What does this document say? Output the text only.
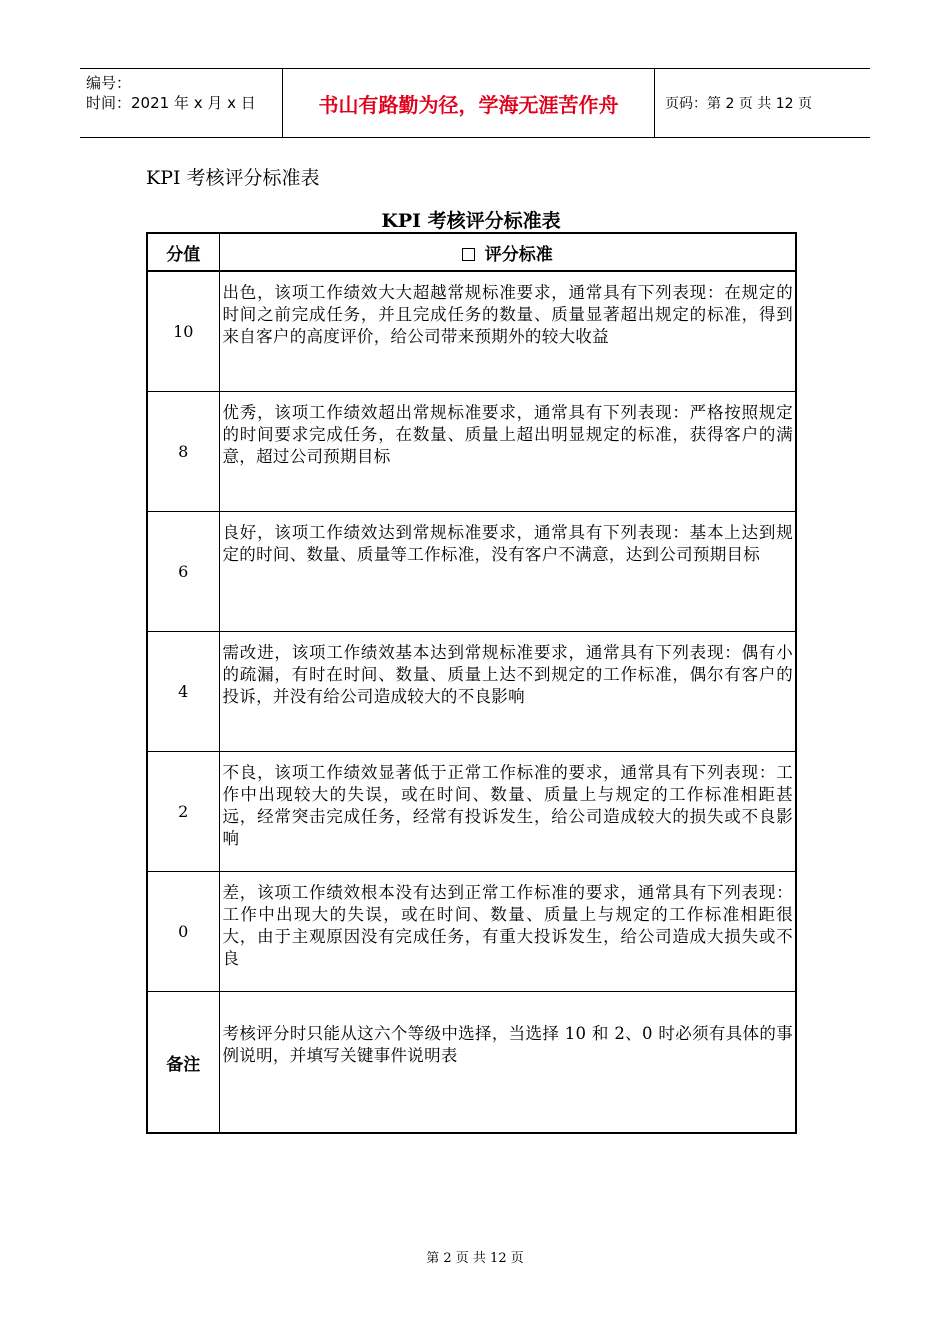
编号：
时间：2021 年 x 月 x 日	书山有路勤为径，学海无涯苦作舟	页码：第 2 页 共 12 页
KPI 考核评分标准表
KPI 考核评分标准表
分值	评分标准
10	出色，该项工作绩效大大超越常规标准要求，通常具有下列表现：在规定的时间之前完成任务，并且完成任务的数量、质量显著超出规定的标准，得到来自客户的高度评价，给公司带来预期外的较大收益
8	优秀，该项工作绩效超出常规标准要求，通常具有下列表现：严格按照规定的时间要求完成任务，在数量、质量上超出明显规定的标准，获得客户的满意，超过公司预期目标
6	良好，该项工作绩效达到常规标准要求，通常具有下列表现：基本上达到规定的时间、数量、质量等工作标准，没有客户不满意，达到公司预期目标
4	需改进，该项工作绩效基本达到常规标准要求，通常具有下列表现：偶有小的疏漏，有时在时间、数量、质量上达不到规定的工作标准，偶尔有客户的投诉，并没有给公司造成较大的不良影响
2	不良，该项工作绩效显著低于正常工作标准的要求，通常具有下列表现：工作中出现较大的失误，或在时间、数量、质量上与规定的工作标准相距甚远，经常突击完成任务，经常有投诉发生，给公司造成较大的损失或不良影响
0	差，该项工作绩效根本没有达到正常工作标准的要求，通常具有下列表现：工作中出现大的失误，或在时间、数量、质量上与规定的工作标准相距很大，由于主观原因没有完成任务，有重大投诉发生，给公司造成大损失或不良
备注	考核评分时只能从这六个等级中选择，当选择 10 和 2、0 时必须有具体的事例说明，并填写关键事件说明表
第 2 页 共 12 页
